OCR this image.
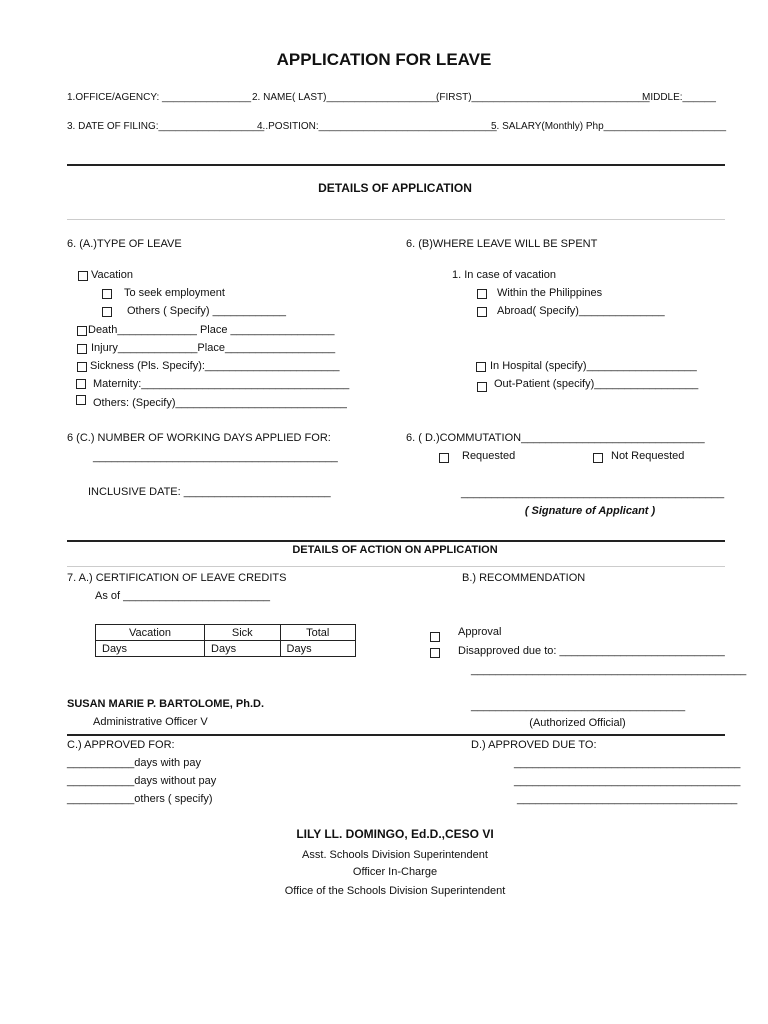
APPLICATION FOR LEAVE
1.OFFICE/AGENCY: ________________ 2. NAME( LAST)____________________
(FIRST)________________________________
MIDDLE:______
3. DATE OF FILING:___________________
4..POSITION:________________________________
5. SALARY(Monthly) Php______________________
DETAILS OF APPLICATION
6. (A.)TYPE OF LEAVE
Vacation
To seek employment
Others ( Specify) ____________
Death_____________ Place _________________
Injury_____________Place__________________
Sickness (Pls. Specify):______________________
Maternity:__________________________________
Others: (Specify)____________________________
6. (B)WHERE LEAVE WILL BE SPENT
1. In case of vacation
Within the Philippines
Abroad( Specify)______________
In Hospital (specify)__________________
Out-Patient (specify)_________________
6 (C.) NUMBER OF WORKING DAYS APPLIED FOR:
________________________________________
INCLUSIVE DATE: ________________________
6. ( D.)COMMUTATION______________________________
Requested	Not Requested
___________________________________________
( Signature of Applicant )
DETAILS OF ACTION ON APPLICATION
7. A.) CERTIFICATION OF LEAVE CREDITS
As of ________________________
Vacation	Sick	Total
Days	Days	Days
B.) RECOMMENDATION
Approval
Disapproved due to: ___________________________
_____________________________________________
___________________________________
(Authorized Official)
SUSAN MARIE P. BARTOLOME, Ph.D.
Administrative Officer V
C.) APPROVED FOR:
___________days with pay
___________days without pay
___________others ( specify)
D.) APPROVED DUE TO:
_____________________________________
_____________________________________
____________________________________
LILY LL. DOMINGO, Ed.D.,CESO VI
Asst. Schools Division Superintendent
Officer In-Charge
Office of the Schools Division Superintendent
